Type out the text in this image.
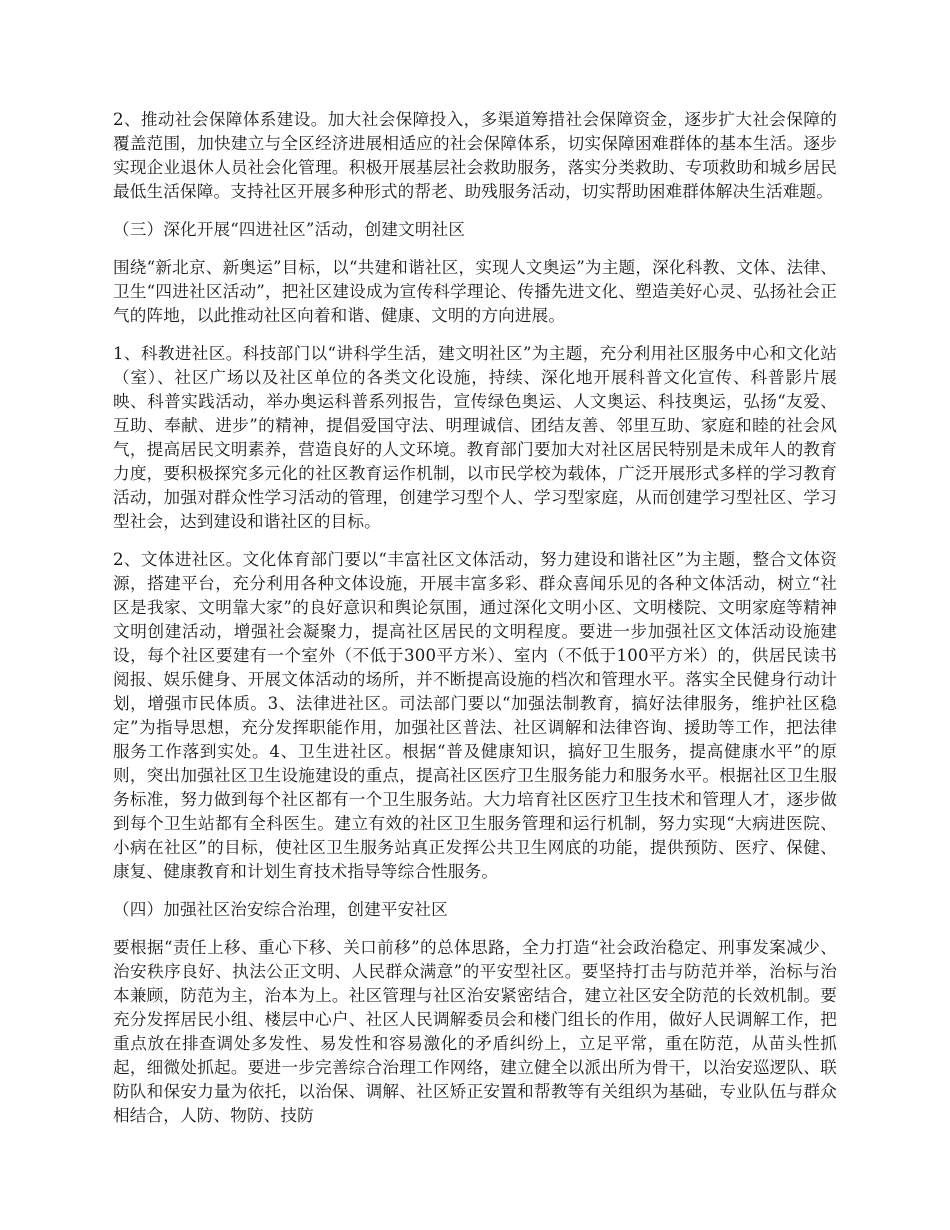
2、推动社会保障体系建设。加大社会保障投入，多渠道筹措社会保障资金，逐步扩大社会保障的覆盖范围，加快建立与全区经济进展相适应的社会保障体系，切实保障困难群体的基本生活。逐步实现企业退休人员社会化管理。积极开展基层社会救助服务，落实分类救助、专项救助和城乡居民最低生活保障。支持社区开展多种形式的帮老、助残服务活动，切实帮助困难群体解决生活难题。

（三）深化开展“四进社区”活动，创建文明社区

围绕“新北京、新奥运”目标，以“共建和谐社区，实现人文奥运”为主题，深化科教、文体、法律、卫生“四进社区活动”，把社区建设成为宣传科学理论、传播先进文化、塑造美好心灵、弘扬社会正气的阵地，以此推动社区向着和谐、健康、文明的方向进展。

1、科教进社区。科技部门以“讲科学生活，建文明社区”为主题，充分利用社区服务中心和文化站（室）、社区广场以及社区单位的各类文化设施，持续、深化地开展科普文化宣传、科普影片展映、科普实践活动，举办奥运科普系列报告，宣传绿色奥运、人文奥运、科技奥运，弘扬“友爱、互助、奉献、进步”的精神，提倡爱国守法、明理诚信、团结友善、邻里互助、家庭和睦的社会风气，提高居民文明素养，营造良好的人文环境。教育部门要加大对社区居民特别是未成年人的教育力度，要积极探究多元化的社区教育运作机制，以市民学校为载体，广泛开展形式多样的学习教育活动，加强对群众性学习活动的管理，创建学习型个人、学习型家庭，从而创建学习型社区、学习型社会，达到建设和谐社区的目标。

2、文体进社区。文化体育部门要以“丰富社区文体活动，努力建设和谐社区”为主题，整合文体资源，搭建平台，充分利用各种文体设施，开展丰富多彩、群众喜闻乐见的各种文体活动，树立“社区是我家、文明靠大家”的良好意识和舆论氛围，通过深化文明小区、文明楼院、文明家庭等精神文明创建活动，增强社会凝聚力，提高社区居民的文明程度。要进一步加强社区文体活动设施建设，每个社区要建有一个室外（不低于300平方米）、室内（不低于100平方米）的，供居民读书阅报、娱乐健身、开展文体活动的场所，并不断提高设施的档次和管理水平。落实全民健身行动计划，增强市民体质。3、法律进社区。司法部门要以“加强法制教育，搞好法律服务，维护社区稳定”为指导思想，充分发挥职能作用，加强社区普法、社区调解和法律咨询、援助等工作，把法律服务工作落到实处。4、卫生进社区。根据“普及健康知识，搞好卫生服务，提高健康水平”的原则，突出加强社区卫生设施建设的重点，提高社区医疗卫生服务能力和服务水平。根据社区卫生服务标准，努力做到每个社区都有一个卫生服务站。大力培育社区医疗卫生技术和管理人才，逐步做到每个卫生站都有全科医生。建立有效的社区卫生服务管理和运行机制，努力实现“大病进医院、小病在社区”的目标，使社区卫生服务站真正发挥公共卫生网底的功能，提供预防、医疗、保健、康复、健康教育和计划生育技术指导等综合性服务。

（四）加强社区治安综合治理，创建平安社区

要根据“责任上移、重心下移、关口前移”的总体思路，全力打造“社会政治稳定、刑事发案减少、治安秩序良好、执法公正文明、人民群众满意”的平安型社区。要坚持打击与防范并举，治标与治本兼顾，防范为主，治本为上。社区管理与社区治安紧密结合，建立社区安全防范的长效机制。要充分发挥居民小组、楼层中心户、社区人民调解委员会和楼门组长的作用，做好人民调解工作，把重点放在排查调处多发性、易发性和容易激化的矛盾纠纷上，立足平常，重在防范，从苗头性抓起，细微处抓起。要进一步完善综合治理工作网络，建立健全以派出所为骨干，以治安巡逻队、联防队和保安力量为依托，以治保、调解、社区矫正安置和帮教等有关组织为基础，专业队伍与群众相结合，人防、物防、技防
